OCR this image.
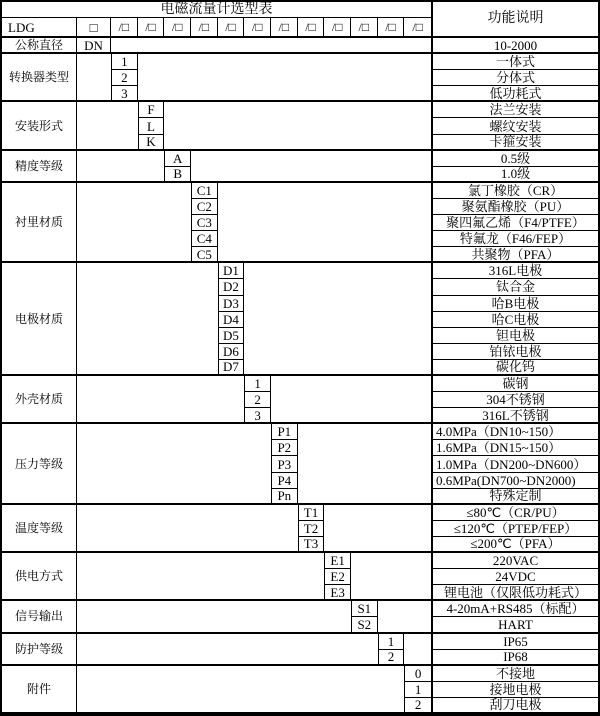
电磁流量计选型表
功能说明
LDG	□	/□	/□	/□	/□	/□	/□	/□	/□	/□	/□	/□	/□
公称直径	DN	10-2000
转换器类型
1	一体式
2	分体式
3	低功耗式
安装形式
F	法兰安装
L	螺纹安装
K	卡箍安装
精度等级
A	0.5级
B	1.0级
衬里材质
C1	氯丁橡胶（CR）
C2	聚氨酯橡胶（PU）
C3	聚四氟乙烯（F4/PTFE）
C4	特氟龙（F46/FEP）
C5	共聚物（PFA）
电极材质
D1	316L电极
D2	钛合金
D3	哈B电极
D4	哈C电极
D5	钽电极
D6	铂铱电极
D7	碳化钨
外壳材质
1	碳钢
2	304不锈钢
3	316L不锈钢
压力等级
P1	4.0MPa（DN10~150）
P2	1.6MPa（DN15~150）
P3	1.0MPa（DN200~DN600）
P4	0.6MPa(DN700~DN2000)
Pn	特殊定制
温度等级
T1	≤80℃（CR/PU）
T2	≤120℃（PTEP/FEP）
T3	≤200℃（PFA）
供电方式
E1	220VAC
E2	24VDC
E3	锂电池（仅限低功耗式）
信号输出
S1	4-20mA+RS485（标配）
S2	HART
防护等级
1	IP65
2	IP68
附件
0	不接地
1	接地电极
2	刮刀电极
